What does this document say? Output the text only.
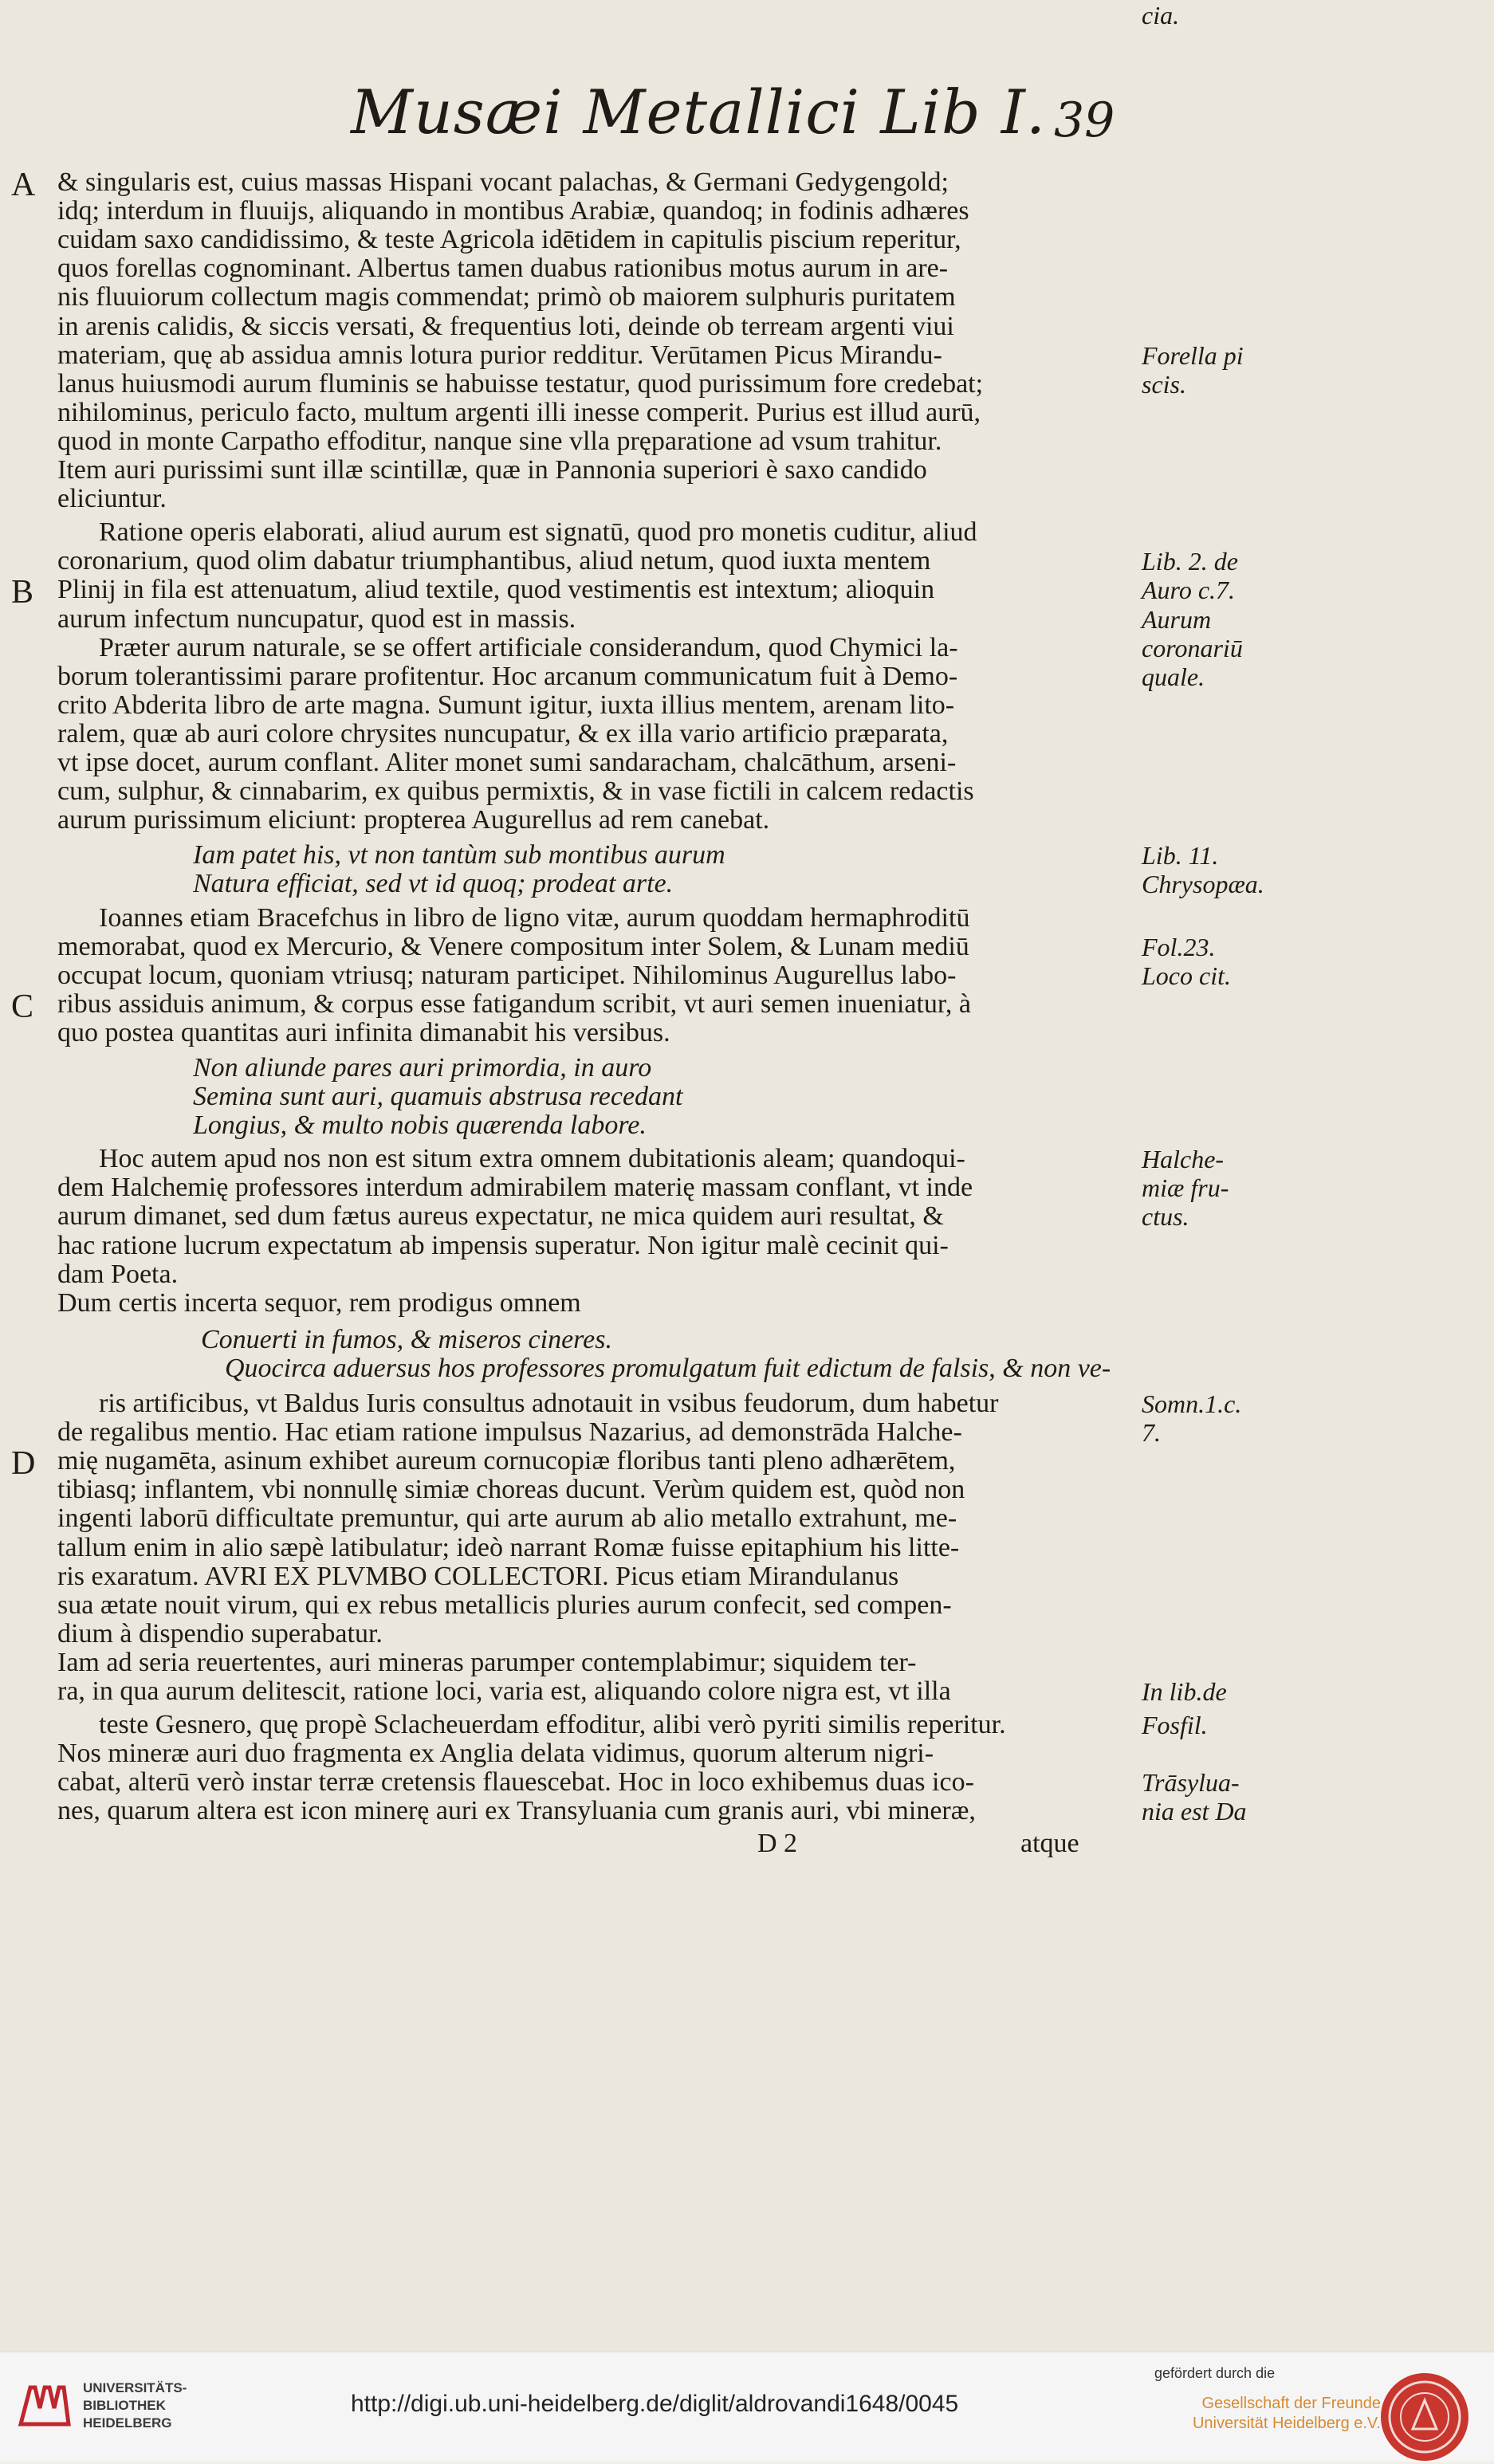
Musæi Metallici Lib I. 39
& singularis est, cuius massas Hispani vocant palachas, & Germani Gedygengold;
idq; interdum in fluuijs, aliquando in montibus Arabiæ, quandoq; in fodinis adhæres
cuidam saxo candidissimo, & teste Agricola idētidem in capitulis piscium reperitur,
quos forellas cognominant. Albertus tamen duabus rationibus motus aurum in are-
nis fluuiorum collectum magis commendat; primò ob maiorem sulphuris puritatem
in arenis calidis, & siccis versati, & frequentius loti, deinde ob terream argenti viui
materiam, quę ab assidua amnis lotura purior redditur. Verūtamen Picus Mirandu-
lanus huiusmodi aurum fluminis se habuisse testatur, quod purissimum fore credebat;
nihilominus, periculo facto, multum argenti illi inesse comperit. Purius est illud aurū,
quod in monte Carpatho effoditur, nanque sine vlla pręparatione ad vsum trahitur.
Item auri purissimi sunt illæ scintillæ, quæ in Pannonia superiori è saxo candido
eliciuntur.
Ratione operis elaborati, aliud aurum est signatū, quod pro monetis cuditur, aliud
coronarium, quod olim dabatur triumphantibus, aliud netum, quod iuxta mentem
Plinij in fila est attenuatum, aliud textile, quod vestimentis est intextum; alioquin
aurum infectum nuncupatur, quod est in massis.
Præter aurum naturale, se se offert artificiale considerandum, quod Chymici la-
borum tolerantissimi parare profitentur. Hoc arcanum communicatum fuit à Demo-
crito Abderita libro de arte magna. Sumunt igitur, iuxta illius mentem, arenam lito-
ralem, quæ ab auri colore chrysites nuncupatur, & ex illa vario artificio præparata,
vt ipse docet, aurum conflant. Aliter monet sumi sandaracham, chalcāthum, arseni-
cum, sulphur, & cinnabarim, ex quibus permixtis, & in vase fictili in calcem redactis
aurum purissimum eliciunt: propterea Augurellus ad rem canebat.
Iam patet his, vt non tantùm sub montibus aurum
Natura efficiat, sed vt id quoq; prodeat arte.
Ioannes etiam Bracefchus in libro de ligno vitæ, aurum quoddam hermaphroditū
memorabat, quod ex Mercurio, & Venere compositum inter Solem, & Lunam mediū
occupat locum, quoniam vtriusq; naturam participet. Nihilominus Augurellus labo-
ribus assiduis animum, & corpus esse fatigandum scribit, vt auri semen inueniatur, à
quo postea quantitas auri infinita dimanabit his versibus.
Non aliunde pares auri primordia, in auro
Semina sunt auri, quamuis abstrusa recedant
Longius, & multo nobis quærenda labore.
Hoc autem apud nos non est situm extra omnem dubitationis aleam; quandoqui-
dem Halchemię professores interdum admirabilem materię massam conflant, vt inde
aurum dimanet, sed dum fætus aureus expectatur, ne mica quidem auri resultat, &
hac ratione lucrum expectatum ab impensis superatur. Non igitur malè cecinit qui-
dam Poeta.
Dum certis incerta sequor, rem prodigus omnem
Conuerti in fumos, & miseros cineres.
Quocirca aduersus hos professores promulgatum fuit edictum de falsis, & non ve-
ris artificibus, vt Baldus Iuris consultus adnotauit in vsibus feudorum, dum habetur
de regalibus mentio. Hac etiam ratione impulsus Nazarius, ad demonstrāda Halche-
mię nugamēta, asinum exhibet aureum cornucopiæ floribus tanti pleno adhærētem,
tibiasq; inflantem, vbi nonnullę simiæ choreas ducunt. Verùm quidem est, quòd non
ingenti laborū difficultate premuntur, qui arte aurum ab alio metallo extrahunt, me-
tallum enim in alio sæpè latibulatur; ideò narrant Romæ fuisse epitaphium his litte-
ris exaratum. AVRI EX PLVMBO COLLECTORI. Picus etiam Mirandulanus
sua ætate nouit virum, qui ex rebus metallicis pluries aurum confecit, sed compen-
dium à dispendio superabatur.
Iam ad seria reuertentes, auri mineras parumper contemplabimur; siquidem ter-
ra, in qua aurum delitescit, ratione loci, varia est, aliquando colore nigra est, vt illa
teste Gesnero, quę propè Sclacheuerdam effoditur, alibi verò pyriti similis reperitur.
Nos mineræ auri duo fragmenta ex Anglia delata vidimus, quorum alterum nigri-
cabat, alterū verò instar terræ cretensis flauescebat. Hoc in loco exhibemus duas ico-
nes, quarum altera est icon minerę auri ex Transyluania cum granis auri, vbi mineræ,
D 2	atque
Forella pi
scis.
Lib. 2. de
Auro c.7.
Aurum
coronariū
quale.
Lib. 11.
Chrysopæa.
Fol.23.
Loco cit.
Halche-
miæ fru-
ctus.
Somn.1.c.
7.
In lib.de
Fosfil.
Trāsylua-
nia est Da
cia.
A
B
C
D
UNIVERSITÄTS-
BIBLIOTHEK
HEIDELBERG
http://digi.ub.uni-heidelberg.de/diglit/aldrovandi1648/0045
gefördert durch die
Gesellschaft der Freunde
Universität Heidelberg e.V.
